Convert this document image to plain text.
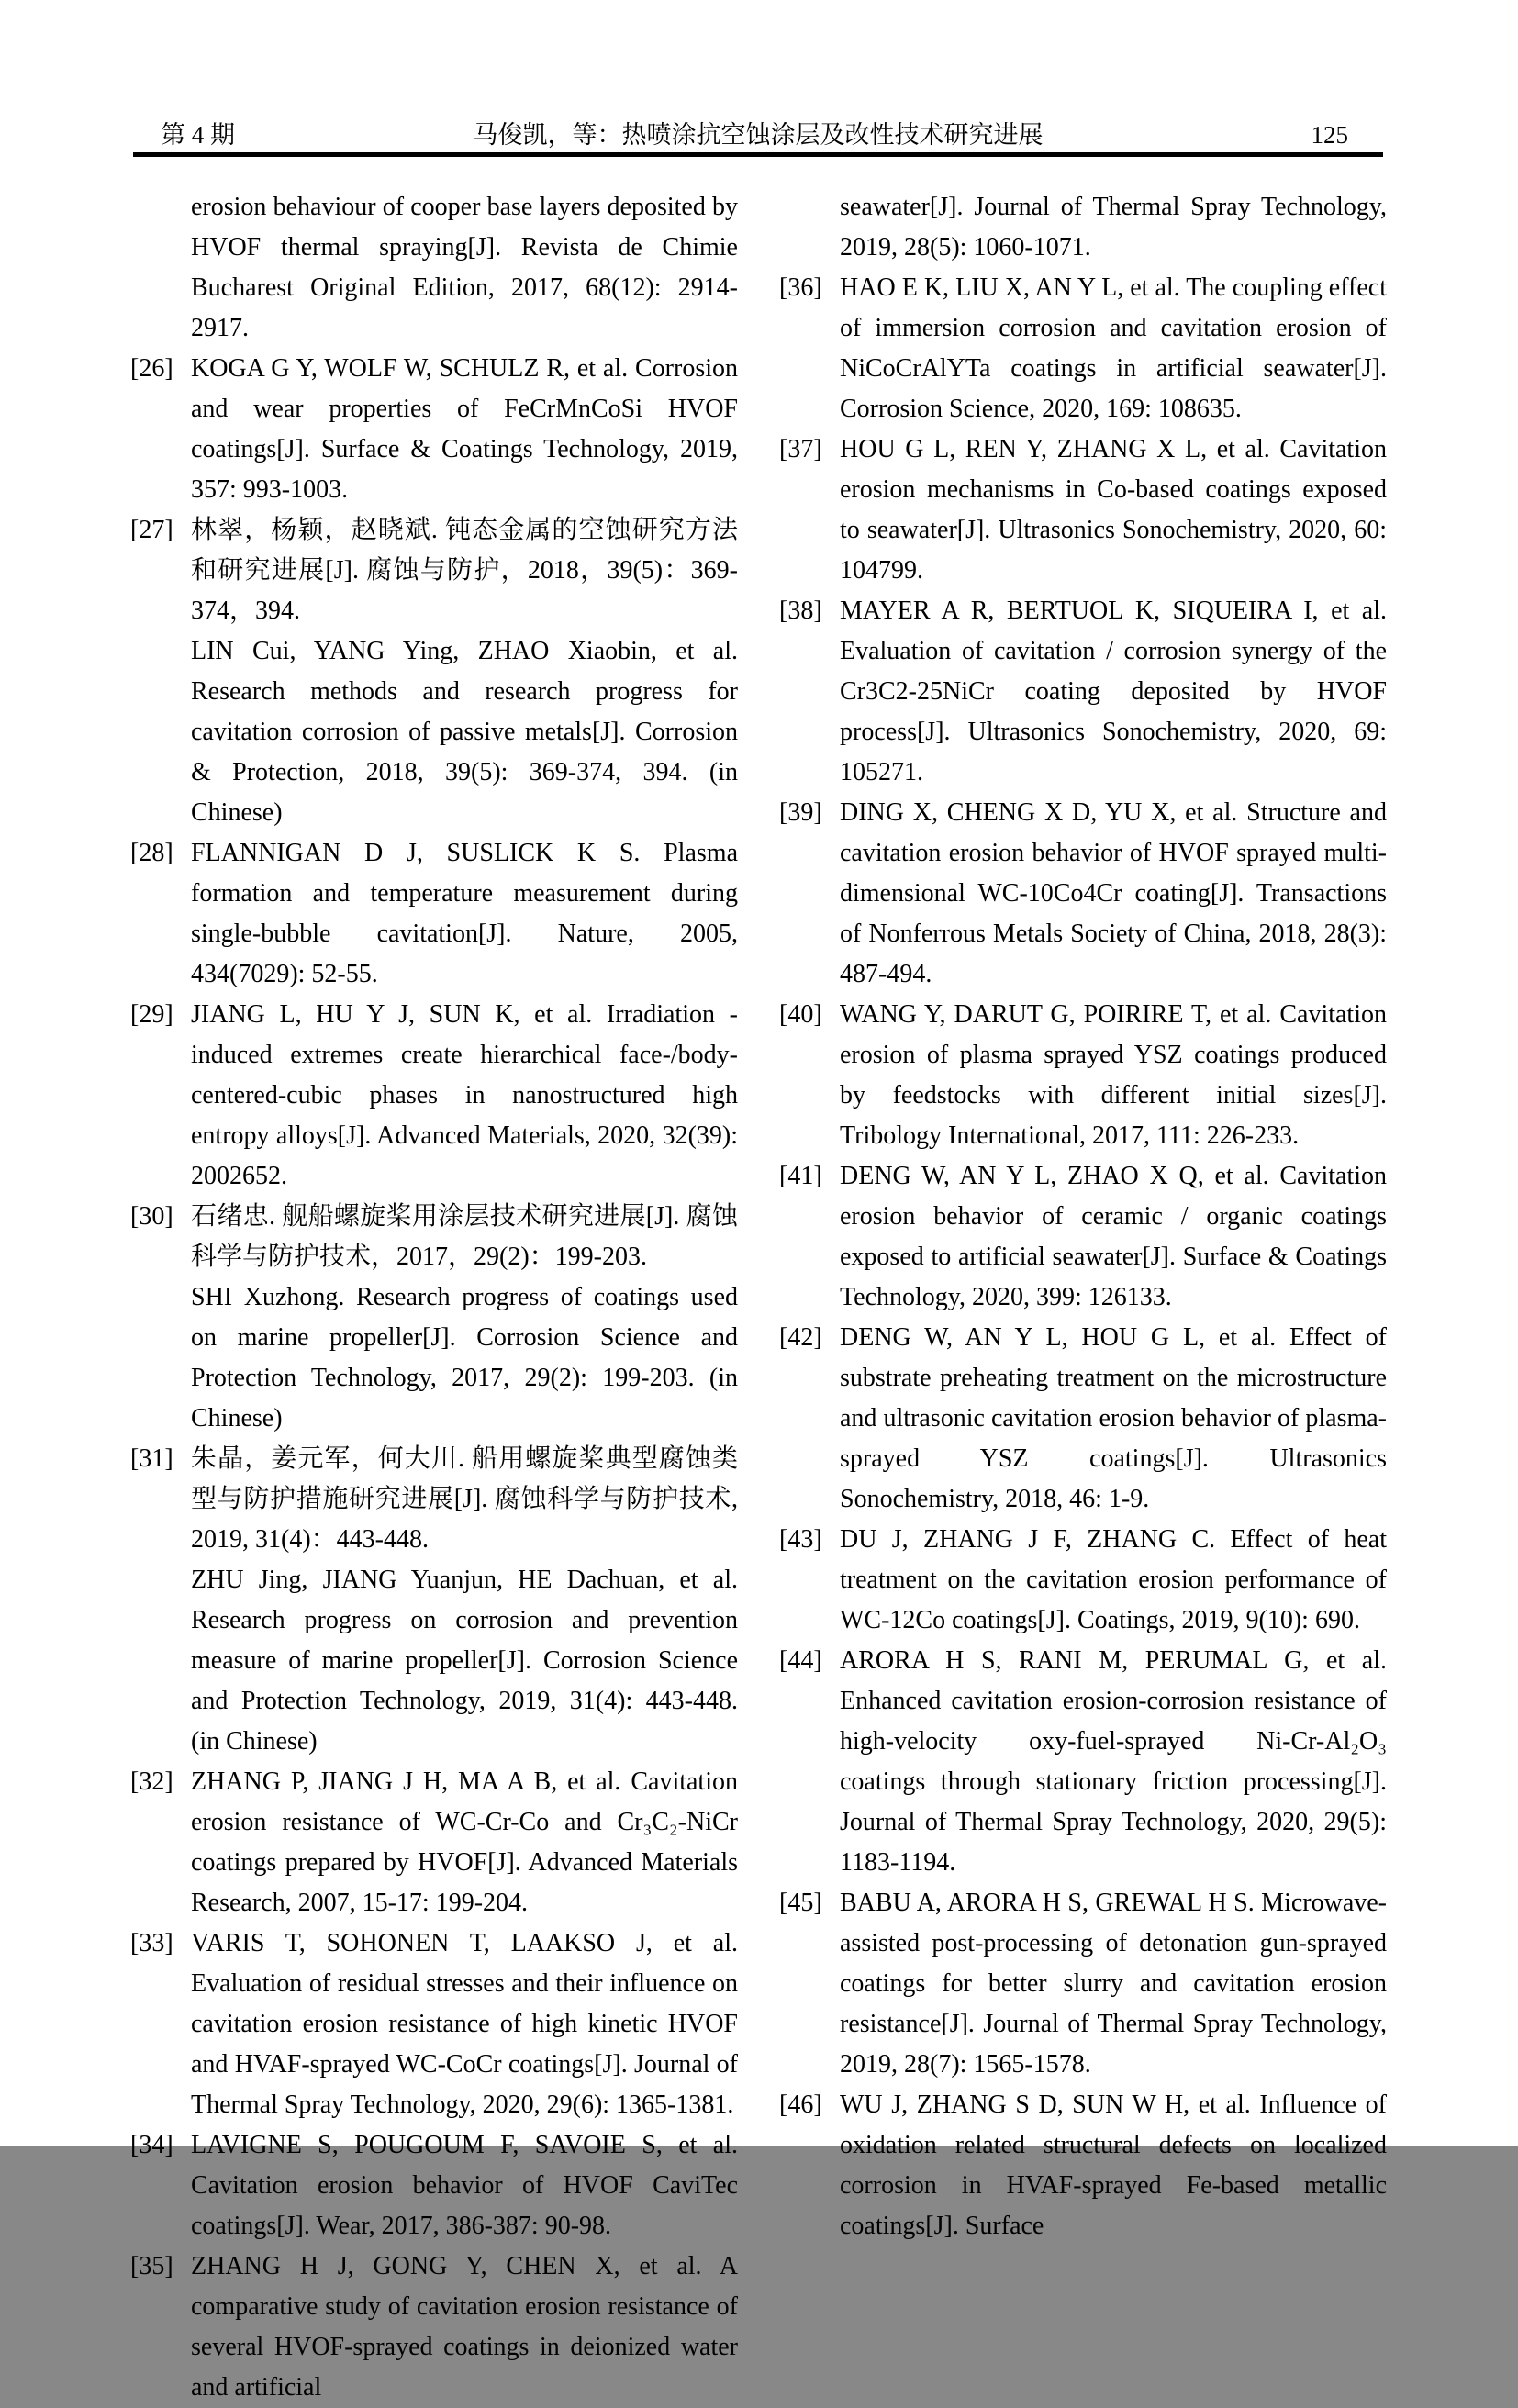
第 4 期	马俊凯，等：热喷涂抗空蚀涂层及改性技术研究进展	125
erosion behaviour of cooper base layers deposited by HVOF thermal spraying[J]. Revista de Chimie Bucharest Original Edition, 2017, 68(12): 2914-2917.
[26] KOGA G Y, WOLF W, SCHULZ R, et al. Corrosion and wear properties of FeCrMnCoSi HVOF coatings[J]. Surface & Coatings Technology, 2019, 357: 993-1003.
[27] 林翠，杨颖，赵晓斌. 钝态金属的空蚀研究方法和研究进展[J]. 腐蚀与防护，2018，39(5)：369-374，394.
LIN Cui, YANG Ying, ZHAO Xiaobin, et al. Research methods and research progress for cavitation corrosion of passive metals[J]. Corrosion & Protection, 2018, 39(5): 369-374, 394. (in Chinese)
[28] FLANNIGAN D J, SUSLICK K S. Plasma formation and temperature measurement during single-bubble cavitation[J]. Nature, 2005, 434(7029): 52-55.
[29] JIANG L, HU Y J, SUN K, et al. Irradiation - induced extremes create hierarchical face-/body-centered-cubic phases in nanostructured high entropy alloys[J]. Advanced Materials, 2020, 32(39): 2002652.
[30] 石绪忠. 舰船螺旋桨用涂层技术研究进展[J]. 腐蚀科学与防护技术，2017，29(2)：199-203.
SHI Xuzhong. Research progress of coatings used on marine propeller[J]. Corrosion Science and Protection Technology, 2017, 29(2): 199-203. (in Chinese)
[31] 朱晶，姜元军，何大川. 船用螺旋桨典型腐蚀类型与防护措施研究进展[J]. 腐蚀科学与防护技术, 2019, 31(4)：443-448.
ZHU Jing, JIANG Yuanjun, HE Dachuan, et al. Research progress on corrosion and prevention measure of marine propeller[J]. Corrosion Science and Protection Technology, 2019, 31(4): 443-448. (in Chinese)
[32] ZHANG P, JIANG J H, MA A B, et al. Cavitation erosion resistance of WC-Cr-Co and Cr₃C₂-NiCr coatings prepared by HVOF[J]. Advanced Materials Research, 2007, 15-17: 199-204.
[33] VARIS T, SOHONEN T, LAAKSO J, et al. Evaluation of residual stresses and their influence on cavitation erosion resistance of high kinetic HVOF and HVAF-sprayed WC-CoCr coatings[J]. Journal of Thermal Spray Technology, 2020, 29(6): 1365-1381.
[34] LAVIGNE S, POUGOUM F, SAVOIE S, et al. Cavitation erosion behavior of HVOF CaviTec coatings[J]. Wear, 2017, 386-387: 90-98.
[35] ZHANG H J, GONG Y, CHEN X, et al. A comparative study of cavitation erosion resistance of several HVOF-sprayed coatings in deionized water and artificial
seawater[J]. Journal of Thermal Spray Technology, 2019, 28(5): 1060-1071.
[36] HAO E K, LIU X, AN Y L, et al. The coupling effect of immersion corrosion and cavitation erosion of NiCoCrAlYTa coatings in artificial seawater[J]. Corrosion Science, 2020, 169: 108635.
[37] HOU G L, REN Y, ZHANG X L, et al. Cavitation erosion mechanisms in Co-based coatings exposed to seawater[J]. Ultrasonics Sonochemistry, 2020, 60: 104799.
[38] MAYER A R, BERTUOL K, SIQUEIRA I, et al. Evaluation of cavitation / corrosion synergy of the Cr3C2-25NiCr coating deposited by HVOF process[J]. Ultrasonics Sonochemistry, 2020, 69: 105271.
[39] DING X, CHENG X D, YU X, et al. Structure and cavitation erosion behavior of HVOF sprayed multi-dimensional WC-10Co4Cr coating[J]. Transactions of Nonferrous Metals Society of China, 2018, 28(3): 487-494.
[40] WANG Y, DARUT G, POIRIRE T, et al. Cavitation erosion of plasma sprayed YSZ coatings produced by feedstocks with different initial sizes[J]. Tribology International, 2017, 111: 226-233.
[41] DENG W, AN Y L, ZHAO X Q, et al. Cavitation erosion behavior of ceramic / organic coatings exposed to artificial seawater[J]. Surface & Coatings Technology, 2020, 399: 126133.
[42] DENG W, AN Y L, HOU G L, et al. Effect of substrate preheating treatment on the microstructure and ultrasonic cavitation erosion behavior of plasma-sprayed YSZ coatings[J]. Ultrasonics Sonochemistry, 2018, 46: 1-9.
[43] DU J, ZHANG J F, ZHANG C. Effect of heat treatment on the cavitation erosion performance of WC-12Co coatings[J]. Coatings, 2019, 9(10): 690.
[44] ARORA H S, RANI M, PERUMAL G, et al. Enhanced cavitation erosion-corrosion resistance of high-velocity oxy-fuel-sprayed Ni-Cr-Al₂O₃ coatings through stationary friction processing[J]. Journal of Thermal Spray Technology, 2020, 29(5): 1183-1194.
[45] BABU A, ARORA H S, GREWAL H S. Microwave-assisted post-processing of detonation gun-sprayed coatings for better slurry and cavitation erosion resistance[J]. Journal of Thermal Spray Technology, 2019, 28(7): 1565-1578.
[46] WU J, ZHANG S D, SUN W H, et al. Influence of oxidation related structural defects on localized corrosion in HVAF-sprayed Fe-based metallic coatings[J]. Surface
